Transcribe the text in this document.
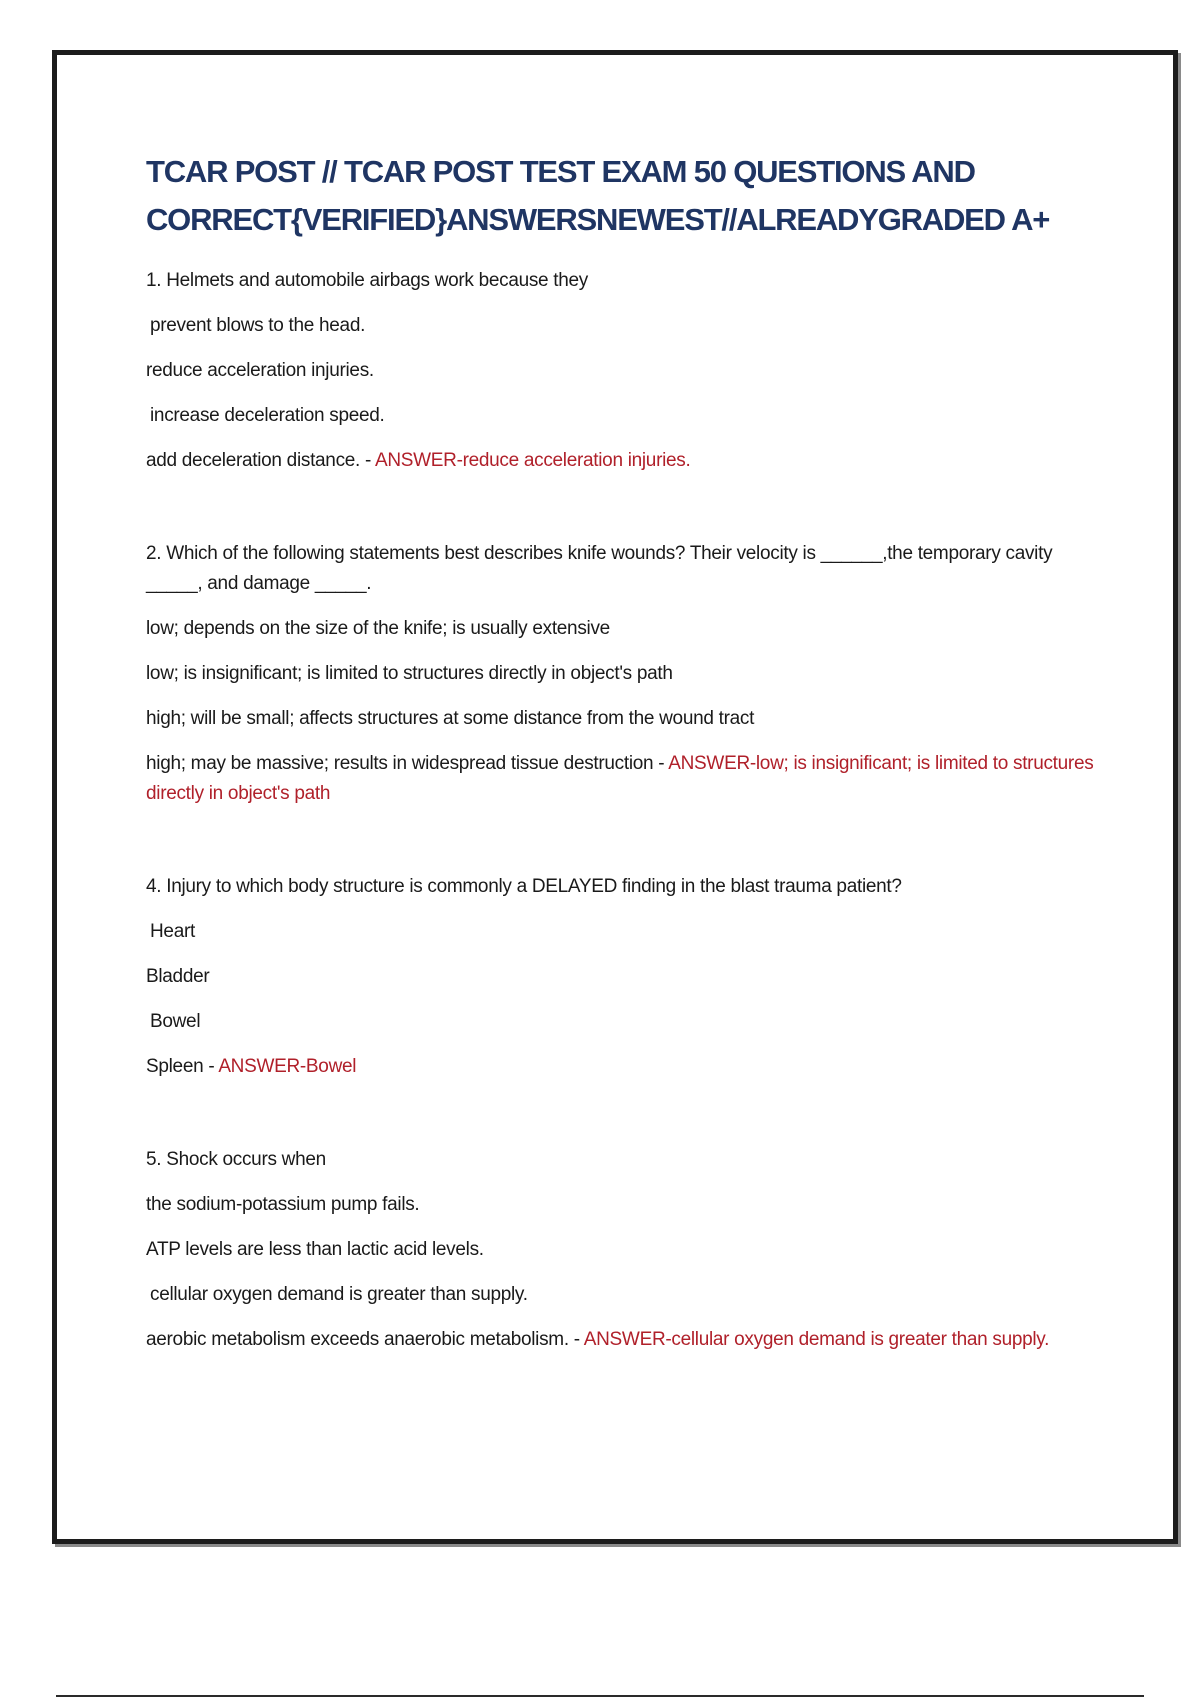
TCAR POST // TCAR POST TEST EXAM 50 QUESTIONS AND
CORRECT{VERIFIED}ANSWERSNEWEST//ALREADYGRADED A+

1. Helmets and automobile airbags work because they

prevent blows to the head.

reduce acceleration injuries.

increase deceleration speed.

add deceleration distance. - ANSWER-reduce acceleration injuries.

2. Which of the following statements best describes knife wounds? Their velocity is ______,the temporary cavity _____, and damage _____.

low; depends on the size of the knife; is usually extensive

low; is insignificant; is limited to structures directly in object's path

high; will be small; affects structures at some distance from the wound tract

high; may be massive; results in widespread tissue destruction - ANSWER-low; is insignificant; is limited to structures directly in object's path

4. Injury to which body structure is commonly a DELAYED finding in the blast trauma patient?

Heart

Bladder

Bowel

Spleen - ANSWER-Bowel

5. Shock occurs when

the sodium-potassium pump fails.

ATP levels are less than lactic acid levels.

cellular oxygen demand is greater than supply.

aerobic metabolism exceeds anaerobic metabolism. - ANSWER-cellular oxygen demand is greater than supply.
